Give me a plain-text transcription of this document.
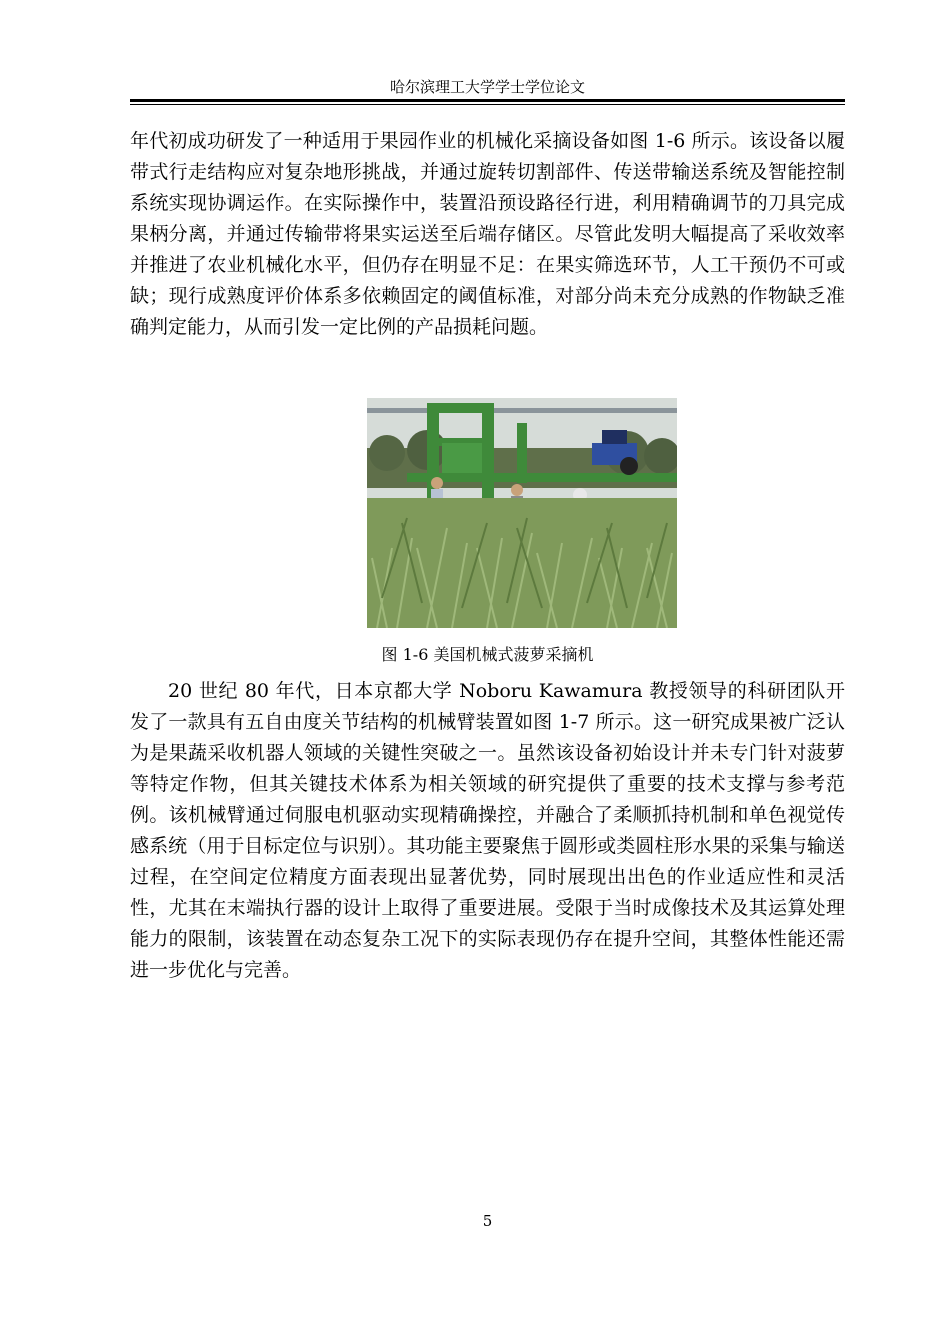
哈尔滨理工大学学士学位论文
年代初成功研发了一种适用于果园作业的机械化采摘设备如图 1-6 所示。该设备以履带式行走结构应对复杂地形挑战，并通过旋转切割部件、传送带输送系统及智能控制系统实现协调运作。在实际操作中，装置沿预设路径行进，利用精确调节的刀具完成果柄分离，并通过传输带将果实运送至后端存储区。尽管此发明大幅提高了采收效率并推进了农业机械化水平，但仍存在明显不足：在果实筛选环节，人工干预仍不可或缺；现行成熟度评价体系多依赖固定的阈值标准，对部分尚未充分成熟的作物缺乏准确判定能力，从而引发一定比例的产品损耗问题。
图 1-6 美国机械式菠萝采摘机
20 世纪 80 年代，日本京都大学 Noboru Kawamura 教授领导的科研团队开发了一款具有五自由度关节结构的机械臂装置如图 1-7 所示。这一研究成果被广泛认为是果蔬采收机器人领域的关键性突破之一。虽然该设备初始设计并未专门针对菠萝等特定作物，但其关键技术体系为相关领域的研究提供了重要的技术支撑与参考范例。该机械臂通过伺服电机驱动实现精确操控，并融合了柔顺抓持机制和单色视觉传感系统（用于目标定位与识别）。其功能主要聚焦于圆形或类圆柱形水果的采集与输送过程，在空间定位精度方面表现出显著优势，同时展现出出色的作业适应性和灵活性，尤其在末端执行器的设计上取得了重要进展。受限于当时成像技术及其运算处理能力的限制，该装置在动态复杂工况下的实际表现仍存在提升空间，其整体性能还需进一步优化与完善。
5
